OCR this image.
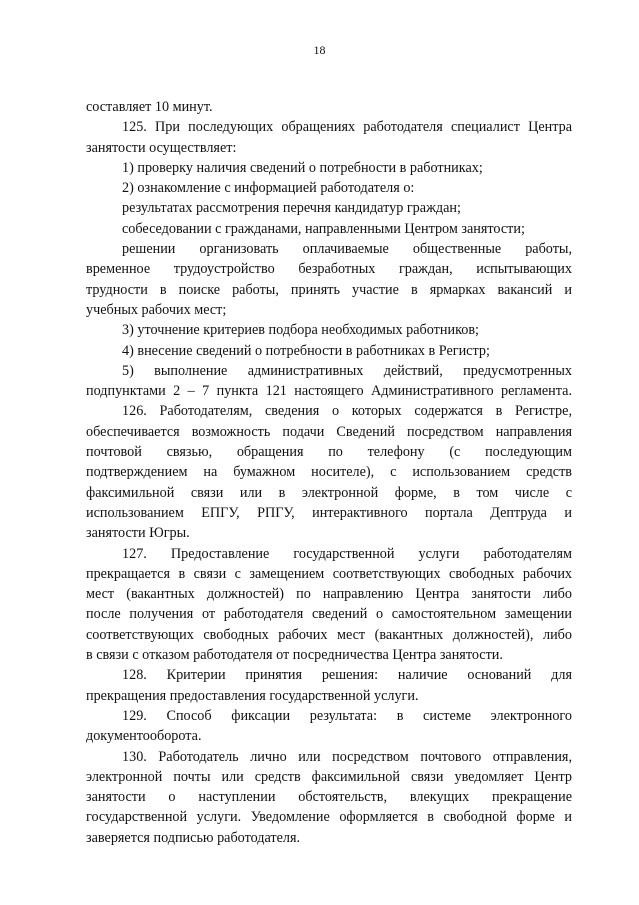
18
составляет 10 минут.
125. При последующих обращениях работодателя специалист Центра
занятости осуществляет:
1) проверку наличия сведений о потребности в работниках;
2) ознакомление с информацией работодателя о:
результатах рассмотрения перечня кандидатур граждан;
собеседовании с гражданами, направленными Центром занятости;
решении организовать оплачиваемые общественные работы,
временное трудоустройство безработных граждан, испытывающих
трудности в поиске работы, принять участие в ярмарках вакансий и
учебных рабочих мест;
3) уточнение критериев подбора необходимых работников;
4) внесение сведений о потребности в работниках в Регистр;
5) выполнение административных действий, предусмотренных
подпунктами 2 – 7 пункта 121 настоящего Административного регламента.
126. Работодателям, сведения о которых содержатся в Регистре,
обеспечивается возможность подачи Сведений посредством направления
почтовой связью, обращения по телефону (с последующим
подтверждением на бумажном носителе), с использованием средств
факсимильной связи или в электронной форме, в том числе с
использованием ЕПГУ, РПГУ, интерактивного портала Дептруда и
занятости Югры.
127. Предоставление государственной услуги работодателям
прекращается в связи с замещением соответствующих свободных рабочих
мест (вакантных должностей) по направлению Центра занятости либо
после получения от работодателя сведений о самостоятельном замещении
соответствующих свободных рабочих мест (вакантных должностей), либо
в связи с отказом работодателя от посредничества Центра занятости.
128. Критерии принятия решения: наличие оснований для
прекращения предоставления государственной услуги.
129. Способ фиксации результата: в системе электронного
документооборота.
130. Работодатель лично или посредством почтового отправления,
электронной почты или средств факсимильной связи уведомляет Центр
занятости о наступлении обстоятельств, влекущих прекращение
государственной услуги. Уведомление оформляется в свободной форме и
заверяется подписью работодателя.
